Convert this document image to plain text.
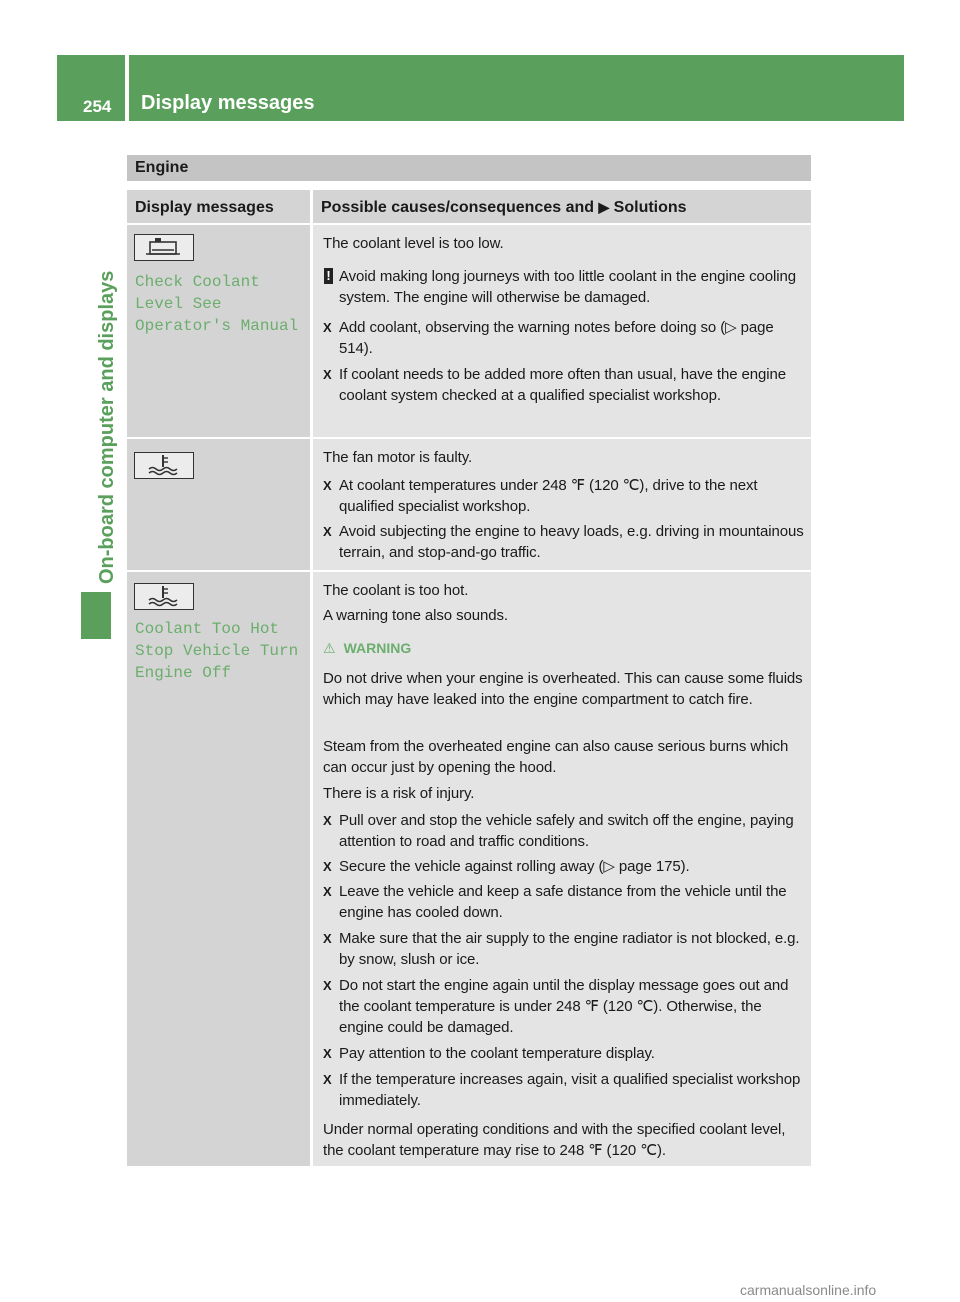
254 Display messages
On-board computer and displays
Engine
Display messages	Possible causes/consequences and ▶ Solutions
Check Coolant
Level See
Operator's Manual
The coolant level is too low.
! Avoid making long journeys with too little coolant in the engine cooling system. The engine will otherwise be damaged.
X Add coolant, observing the warning notes before doing so (▷ page 514).
X If coolant needs to be added more often than usual, have the engine coolant system checked at a qualified specialist workshop.
The fan motor is faulty.
X At coolant temperatures under 248 ℉ (120 ℃), drive to the next qualified specialist workshop.
X Avoid subjecting the engine to heavy loads, e.g. driving in mountainous terrain, and stop-and-go traffic.
Coolant Too Hot
Stop Vehicle Turn
Engine Off
The coolant is too hot.
A warning tone also sounds.
⚠ WARNING
Do not drive when your engine is overheated. This can cause some fluids which may have leaked into the engine compartment to catch fire.
Steam from the overheated engine can also cause serious burns which can occur just by opening the hood.
There is a risk of injury.
X Pull over and stop the vehicle safely and switch off the engine, paying attention to road and traffic conditions.
X Secure the vehicle against rolling away (▷ page 175).
X Leave the vehicle and keep a safe distance from the vehicle until the engine has cooled down.
X Make sure that the air supply to the engine radiator is not blocked, e.g. by snow, slush or ice.
X Do not start the engine again until the display message goes out and the coolant temperature is under 248 ℉ (120 ℃). Otherwise, the engine could be damaged.
X Pay attention to the coolant temperature display.
X If the temperature increases again, visit a qualified specialist workshop immediately.
Under normal operating conditions and with the specified coolant level, the coolant temperature may rise to 248 ℉ (120 ℃).
carmanualsonline.info
